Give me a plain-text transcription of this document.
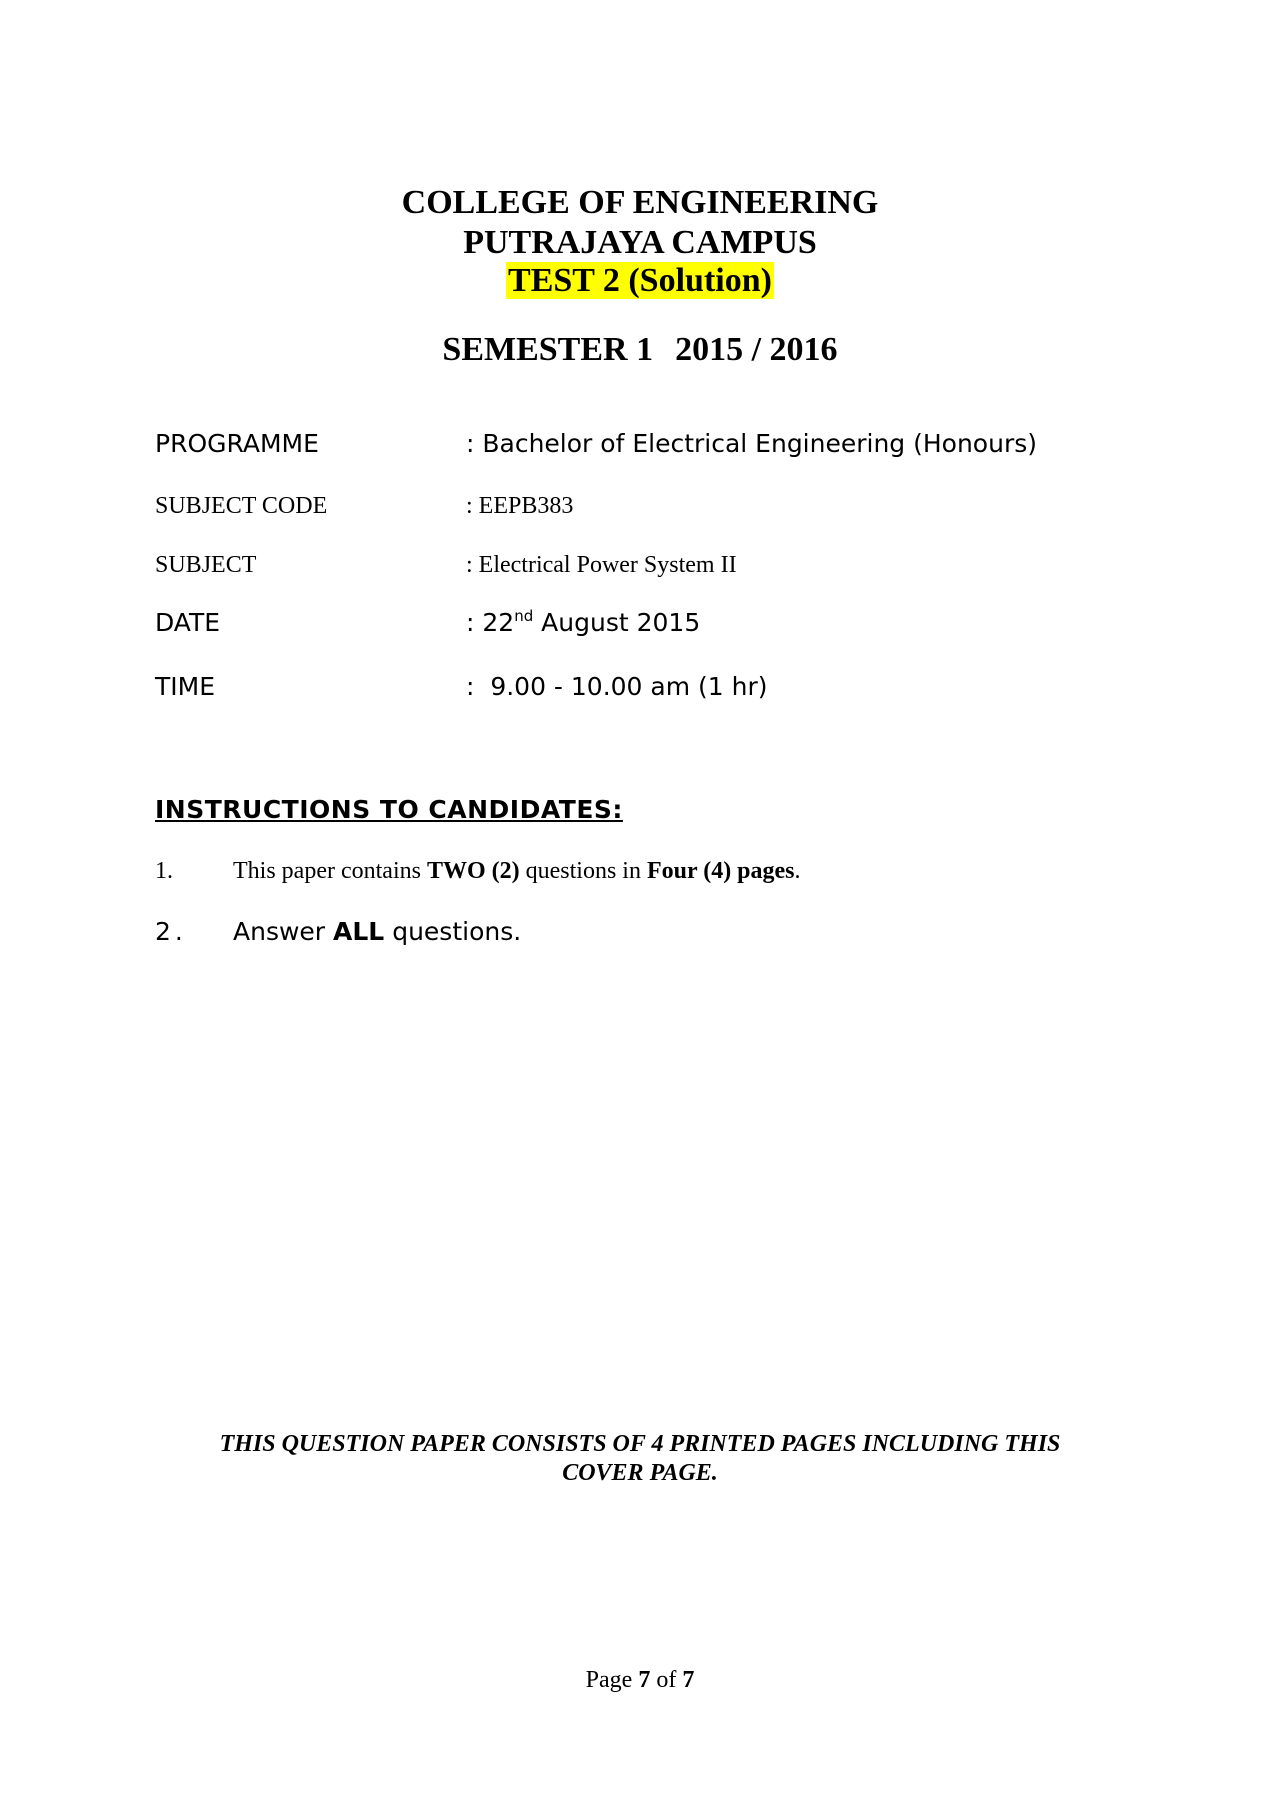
COLLEGE OF ENGINEERING
PUTRAJAYA CAMPUS
TEST 2 (Solution)
SEMESTER 1 2015 / 2016
PROGRAMME	: Bachelor of Electrical Engineering (Honours)
SUBJECT CODE	: EEPB383
SUBJECT	: Electrical Power System II
DATE	: 22nd August 2015
TIME	:  9.00 - 10.00 am (1 hr)
INSTRUCTIONS TO CANDIDATES:
1.	This paper contains TWO (2) questions in Four (4) pages.
2. Answer ALL questions.
THIS QUESTION PAPER CONSISTS OF 4 PRINTED PAGES INCLUDING THIS
COVER PAGE.
Page 7 of 7
